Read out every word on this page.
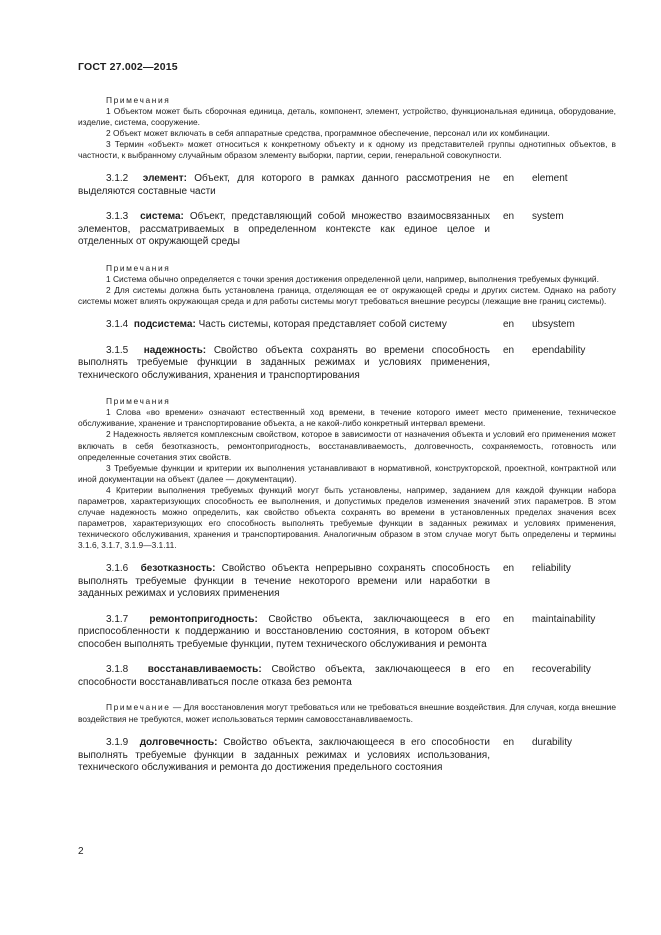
ГОСТ 27.002—2015
Примечания

1 Объектом может быть сборочная единица, деталь, компонент, элемент, устройство, функциональная единица, оборудование, изделие, система, сооружение.

2 Объект может включать в себя аппаратные средства, программное обеспечение, персонал или их комбинации.

3 Термин «объект» может относиться к конкретному объекту и к одному из представителей группы однотипных объектов, в частности, к выбранному случайным образом элементу выборки, партии, серии, генеральной совокупности.

3.1.2 элемент: Объект, для которого в рамках данного рассмотрения не выделяются составные части

en element

3.1.3 система: Объект, представляющий собой множество взаимосвязанных элементов, рассматриваемых в определенном контексте как единое целое и отделенных от окружающей среды

en system
Примечания

1 Система обычно определяется с точки зрения достижения определенной цели, например, выполнения требуемых функций.

2 Для системы должна быть установлена граница, отделяющая ее от окружающей среды и других систем. Однако на работу системы может влиять окружающая среда и для работы системы могут требоваться внешние ресурсы (лежащие вне границ системы).

3.1.4 подсистема: Часть системы, которая представляет собой систему	en ubsystem

3.1.5 надежность: Свойство объекта сохранять во времени способность выполнять требуемые функции в заданных режимах и условиях применения, технического обслуживания, хранения и транспортирования

en ependability
Примечания

1 Слова «во времени» означают естественный ход времени, в течение которого имеет место применение, техническое обслуживание, хранение и транспортирование объекта, а не какой-либо конкретный интервал времени.

2 Надежность является комплексным свойством, которое в зависимости от назначения объекта и условий его применения может включать в себя безотказность, ремонтопригодность, восстанавливаемость, долговечность, сохраняемость, готовность или определенные сочетания этих свойств.

3 Требуемые функции и критерии их выполнения устанавливают в нормативной, конструкторской, проектной, контрактной или иной документации на объект (далее — документации).

4 Критерии выполнения требуемых функций могут быть установлены, например, заданием для каждой функции набора параметров, характеризующих способность ее выполнения, и допустимых пределов изменения значений этих параметров. В этом случае надежность можно определить, как свойство объекта сохранять во времени в установленных пределах значения всех параметров, характеризующих его способность выполнять требуемые функции в заданных режимах и условиях применения, технического обслуживания, хранения и транспортирования. Аналогичным образом в этом случае могут быть определены и термины 3.1.6, 3.1.7, 3.1.9—3.1.11.

3.1.6 безотказность: Свойство объекта непрерывно сохранять способность выполнять требуемые функции в течение некоторого времени или наработки в заданных режимах и условиях применения

en reliability

3.1.7 ремонтопригодность: Свойство объекта, заключающееся в его приспособленности к поддержанию и восстановлению состояния, в котором объект способен выполнять требуемые функции, путем технического обслуживания и ремонта

en maintainability

3.1.8 восстанавливаемость: Свойство объекта, заключающееся в его способности восстанавливаться после отказа без ремонта

en recoverability

Примечание — Для восстановления могут требоваться или не требоваться внешние воздействия. Для случая, когда внешние воздействия не требуются, может использоваться термин самовосстанавливаемость.

3.1.9 долговечность: Свойство объекта, заключающееся в его способности выполнять требуемые функции в заданных режимах и условиях использования, технического обслуживания и ремонта до достижения предельного состояния

en durability
2
